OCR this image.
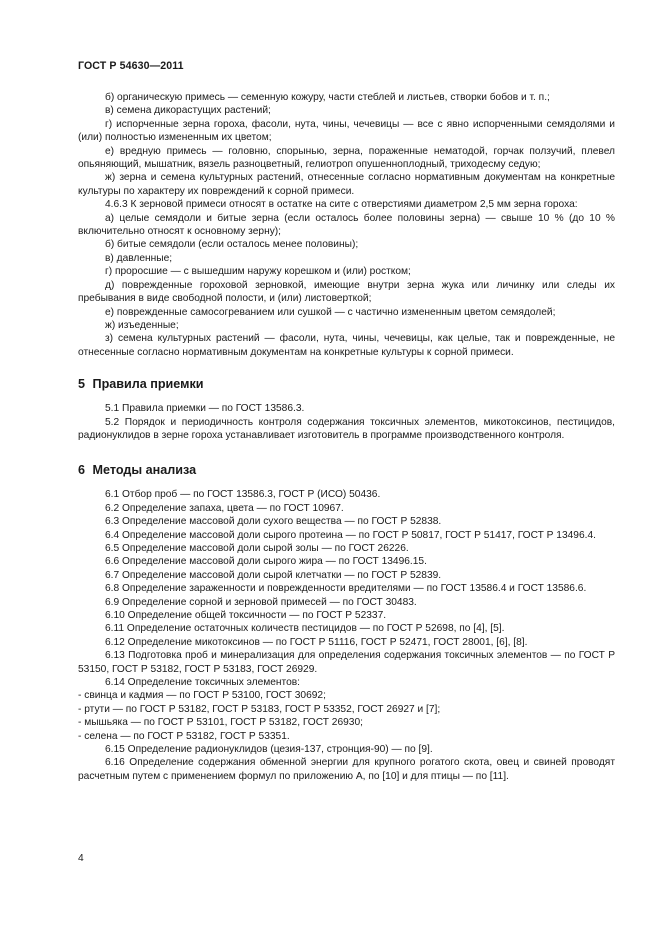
ГОСТ Р 54630—2011

б) органическую примесь — семенную кожуру, части стеблей и листьев, створки бобов и т. п.;

в) семена дикорастущих растений;

г) испорченные зерна гороха, фасоли, нута, чины, чечевицы — все с явно испорченными семядолями и (или) полностью измененным их цветом;

е) вредную примесь — головню, спорынью, зерна, пораженные нематодой, горчак ползучий, плевел опьяняющий, мышатник, вязель разноцветный, гелиотроп опушенноплодный, триходесму седую;

ж) зерна и семена культурных растений, отнесенные согласно нормативным документам на конкретные культуры по характеру их повреждений к сорной примеси.

4.6.3 К зерновой примеси относят в остатке на сите с отверстиями диаметром 2,5 мм зерна гороха:

а) целые семядоли и битые зерна (если осталось более половины зерна) — свыше 10 % (до 10 % включительно относят к основному зерну);

б) битые семядоли (если осталось менее половины);

в) давленные;

г) проросшие — с вышедшим наружу корешком и (или) ростком;

д) поврежденные гороховой зерновкой, имеющие внутри зерна жука или личинку или следы их пребывания в виде свободной полости, и (или) листоверткой;

е) поврежденные самосогреванием или сушкой — с частично измененным цветом семядолей;

ж) изъеденные;

з) семена культурных растений — фасоли, нута, чины, чечевицы, как целые, так и поврежденные, не отнесенные согласно нормативным документам на конкретные культуры к сорной примеси.

5 Правила приемки

5.1 Правила приемки — по ГОСТ 13586.3.

5.2 Порядок и периодичность контроля содержания токсичных элементов, микотоксинов, пестицидов, радионуклидов в зерне гороха устанавливает изготовитель в программе производственного контроля.

6 Методы анализа

6.1 Отбор проб — по ГОСТ 13586.3, ГОСТ Р (ИСО) 50436.

6.2 Определение запаха, цвета — по ГОСТ 10967.

6.3 Определение массовой доли сухого вещества — по ГОСТ Р 52838.

6.4 Определение массовой доли сырого протеина — по ГОСТ Р 50817, ГОСТ Р 51417, ГОСТ Р 13496.4.

6.5 Определение массовой доли сырой золы — по ГОСТ 26226.

6.6 Определение массовой доли сырого жира — по ГОСТ 13496.15.

6.7 Определение массовой доли сырой клетчатки — по ГОСТ Р 52839.

6.8 Определение зараженности и поврежденности вредителями — по ГОСТ 13586.4 и ГОСТ 13586.6.

6.9 Определение сорной и зерновой примесей — по ГОСТ 30483.

6.10 Определение общей токсичности — по ГОСТ Р 52337.

6.11 Определение остаточных количеств пестицидов — по ГОСТ Р 52698, по [4], [5].

6.12 Определение микотоксинов — по ГОСТ Р 51116, ГОСТ Р 52471, ГОСТ 28001, [6], [8].

6.13 Подготовка проб и минерализация для определения содержания токсичных элементов — по ГОСТ Р 53150, ГОСТ Р 53182, ГОСТ Р 53183, ГОСТ 26929.

6.14 Определение токсичных элементов:

- свинца и кадмия — по ГОСТ Р 53100, ГОСТ 30692;

- ртути — по ГОСТ Р 53182, ГОСТ Р 53183, ГОСТ Р 53352, ГОСТ 26927 и [7];

- мышьяка — по ГОСТ Р 53101, ГОСТ Р 53182, ГОСТ 26930;

- селена — по ГОСТ Р 53182, ГОСТ Р 53351.

6.15 Определение радионуклидов (цезия-137, стронция-90) — по [9].

6.16 Определение содержания обменной энергии для крупного рогатого скота, овец и свиней проводят расчетным путем с применением формул по приложению А, по [10] и для птицы — по [11].

4
